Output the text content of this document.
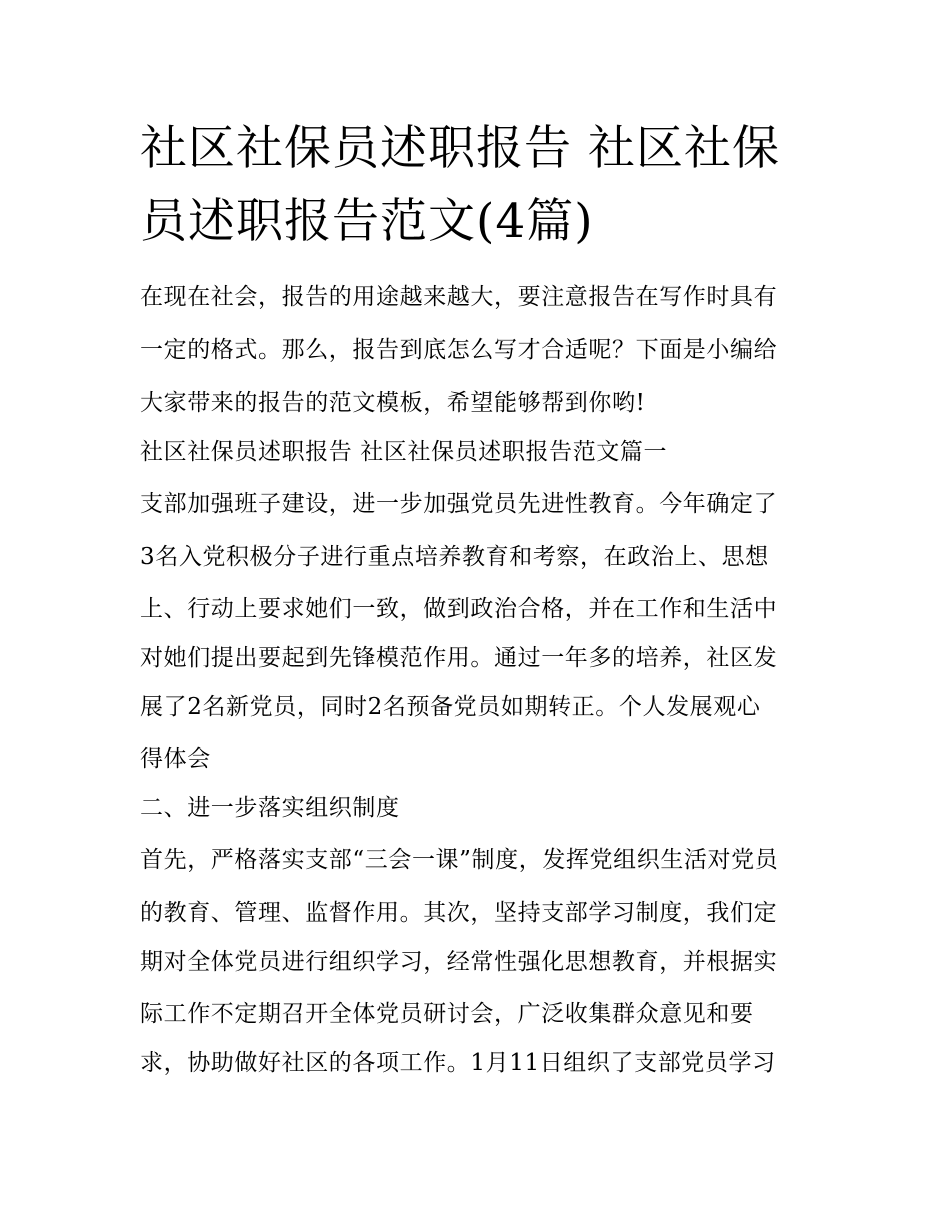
社区社保员述职报告 社区社保员述职报告范文(4篇)

在现在社会，报告的用途越来越大，要注意报告在写作时具有

一定的格式。那么，报告到底怎么写才合适呢？下面是小编给

大家带来的报告的范文模板，希望能够帮到你哟!

社区社保员述职报告 社区社保员述职报告范文篇一

支部加强班子建设，进一步加强党员先进性教育。今年确定了

3名入党积极分子进行重点培养教育和考察，在政治上、思想

上、行动上要求她们一致，做到政治合格，并在工作和生活中

对她们提出要起到先锋模范作用。通过一年多的培养，社区发

展了2名新党员，同时2名预备党员如期转正。个人发展观心

得体会

二、进一步落实组织制度

首先，严格落实支部“三会一课”制度，发挥党组织生活对党员

的教育、管理、监督作用。其次，坚持支部学习制度，我们定

期对全体党员进行组织学习，经常性强化思想教育，并根据实

际工作不定期召开全体党员研讨会，广泛收集群众意见和要

求，协助做好社区的各项工作。1月11日组织了支部党员学习
